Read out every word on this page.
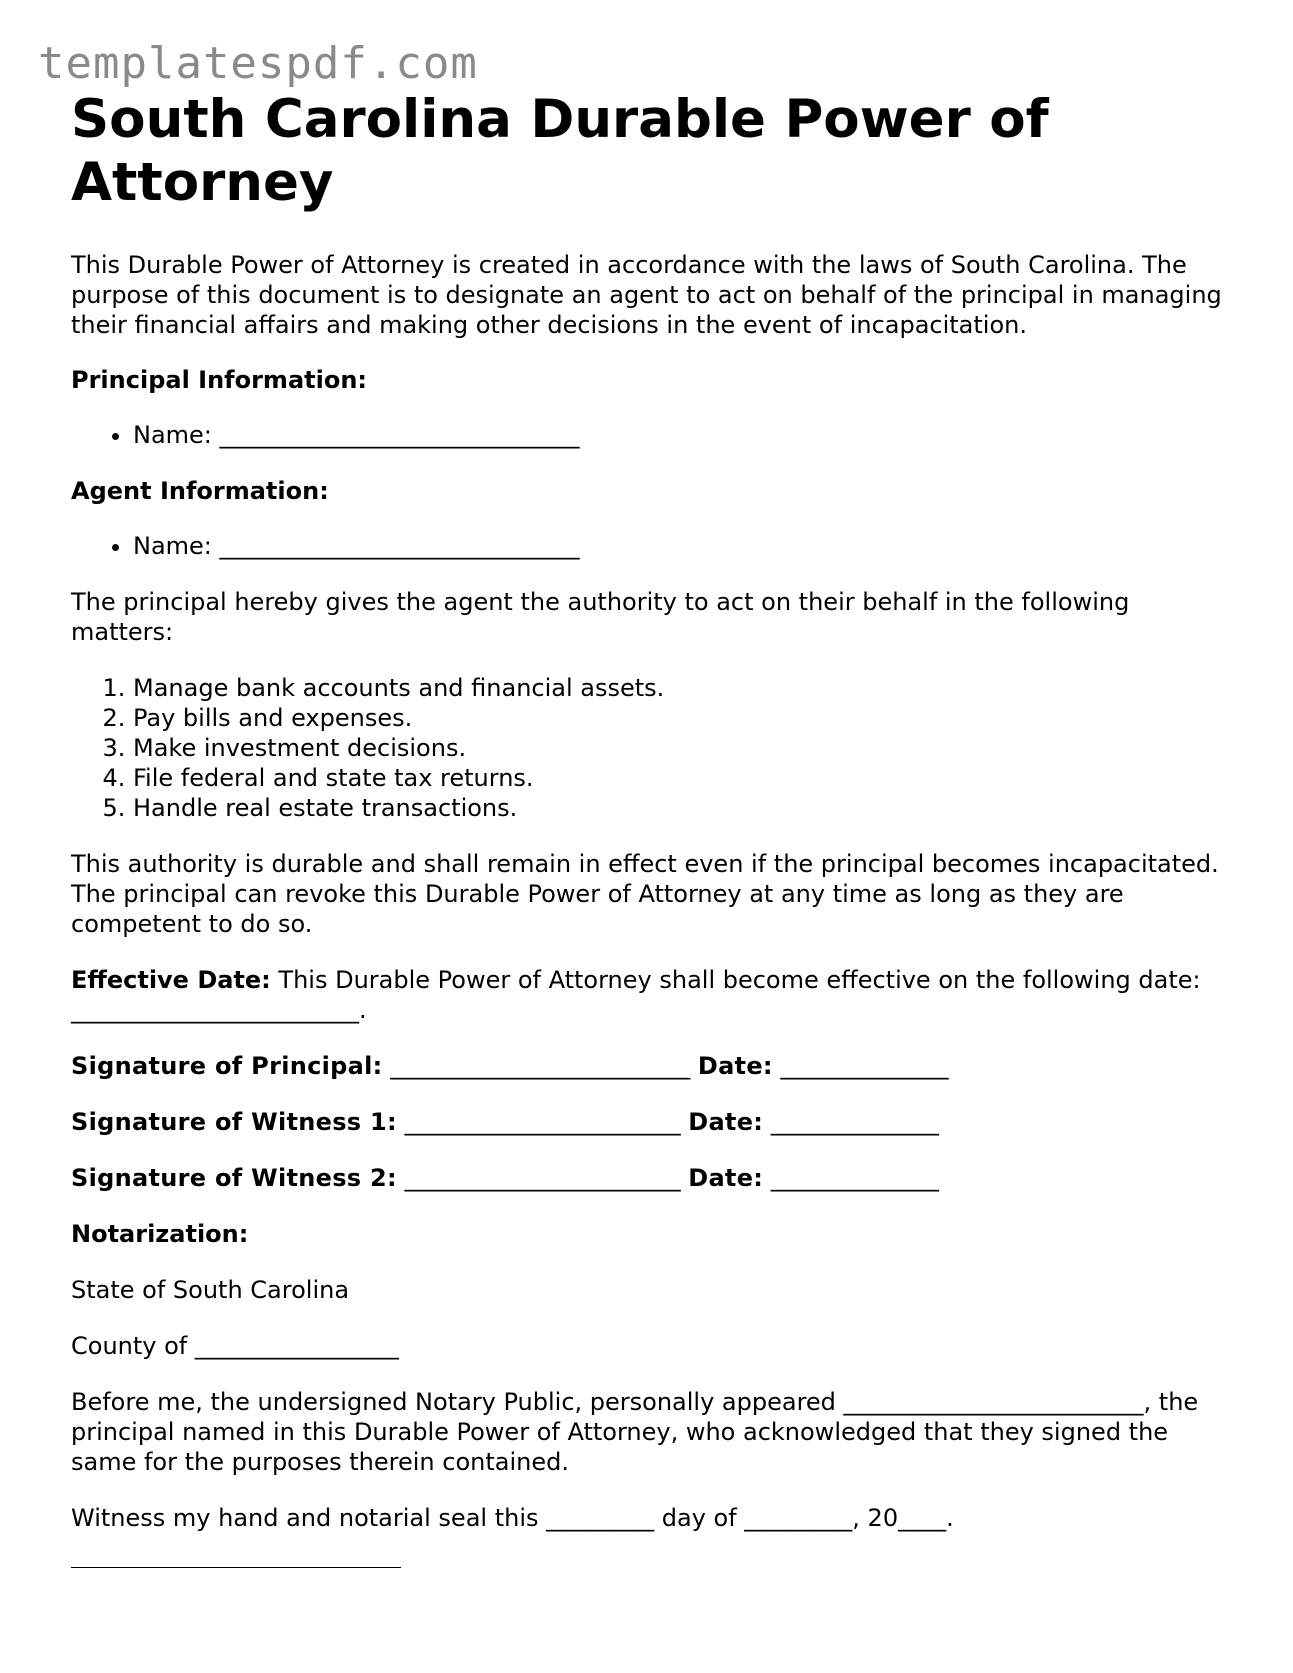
templatespdf.com
South Carolina Durable Power of Attorney

This Durable Power of Attorney is created in accordance with the laws of South Carolina. The purpose of this document is to designate an agent to act on behalf of the principal in managing their financial affairs and making other decisions in the event of incapacitation.

Principal Information:

• Name: ______________________________

Agent Information:

• Name: ______________________________

The principal hereby gives the agent the authority to act on their behalf in the following matters:

1. Manage bank accounts and financial assets.
2. Pay bills and expenses.
3. Make investment decisions.
4. File federal and state tax returns.
5. Handle real estate transactions.

This authority is durable and shall remain in effect even if the principal becomes incapacitated. The principal can revoke this Durable Power of Attorney at any time as long as they are competent to do so.

Effective Date: This Durable Power of Attorney shall become effective on the following date: ________________________.

Signature of Principal: _________________________ Date: ______________
Signature of Witness 1: _______________________ Date: ______________
Signature of Witness 2: _______________________ Date: ______________

Notarization:

State of South Carolina

County of _________________

Before me, the undersigned Notary Public, personally appeared _________________________, the principal named in this Durable Power of Attorney, who acknowledged that they signed the same for the purposes therein contained.

Witness my hand and notarial seal this _________ day of _________, 20____.
